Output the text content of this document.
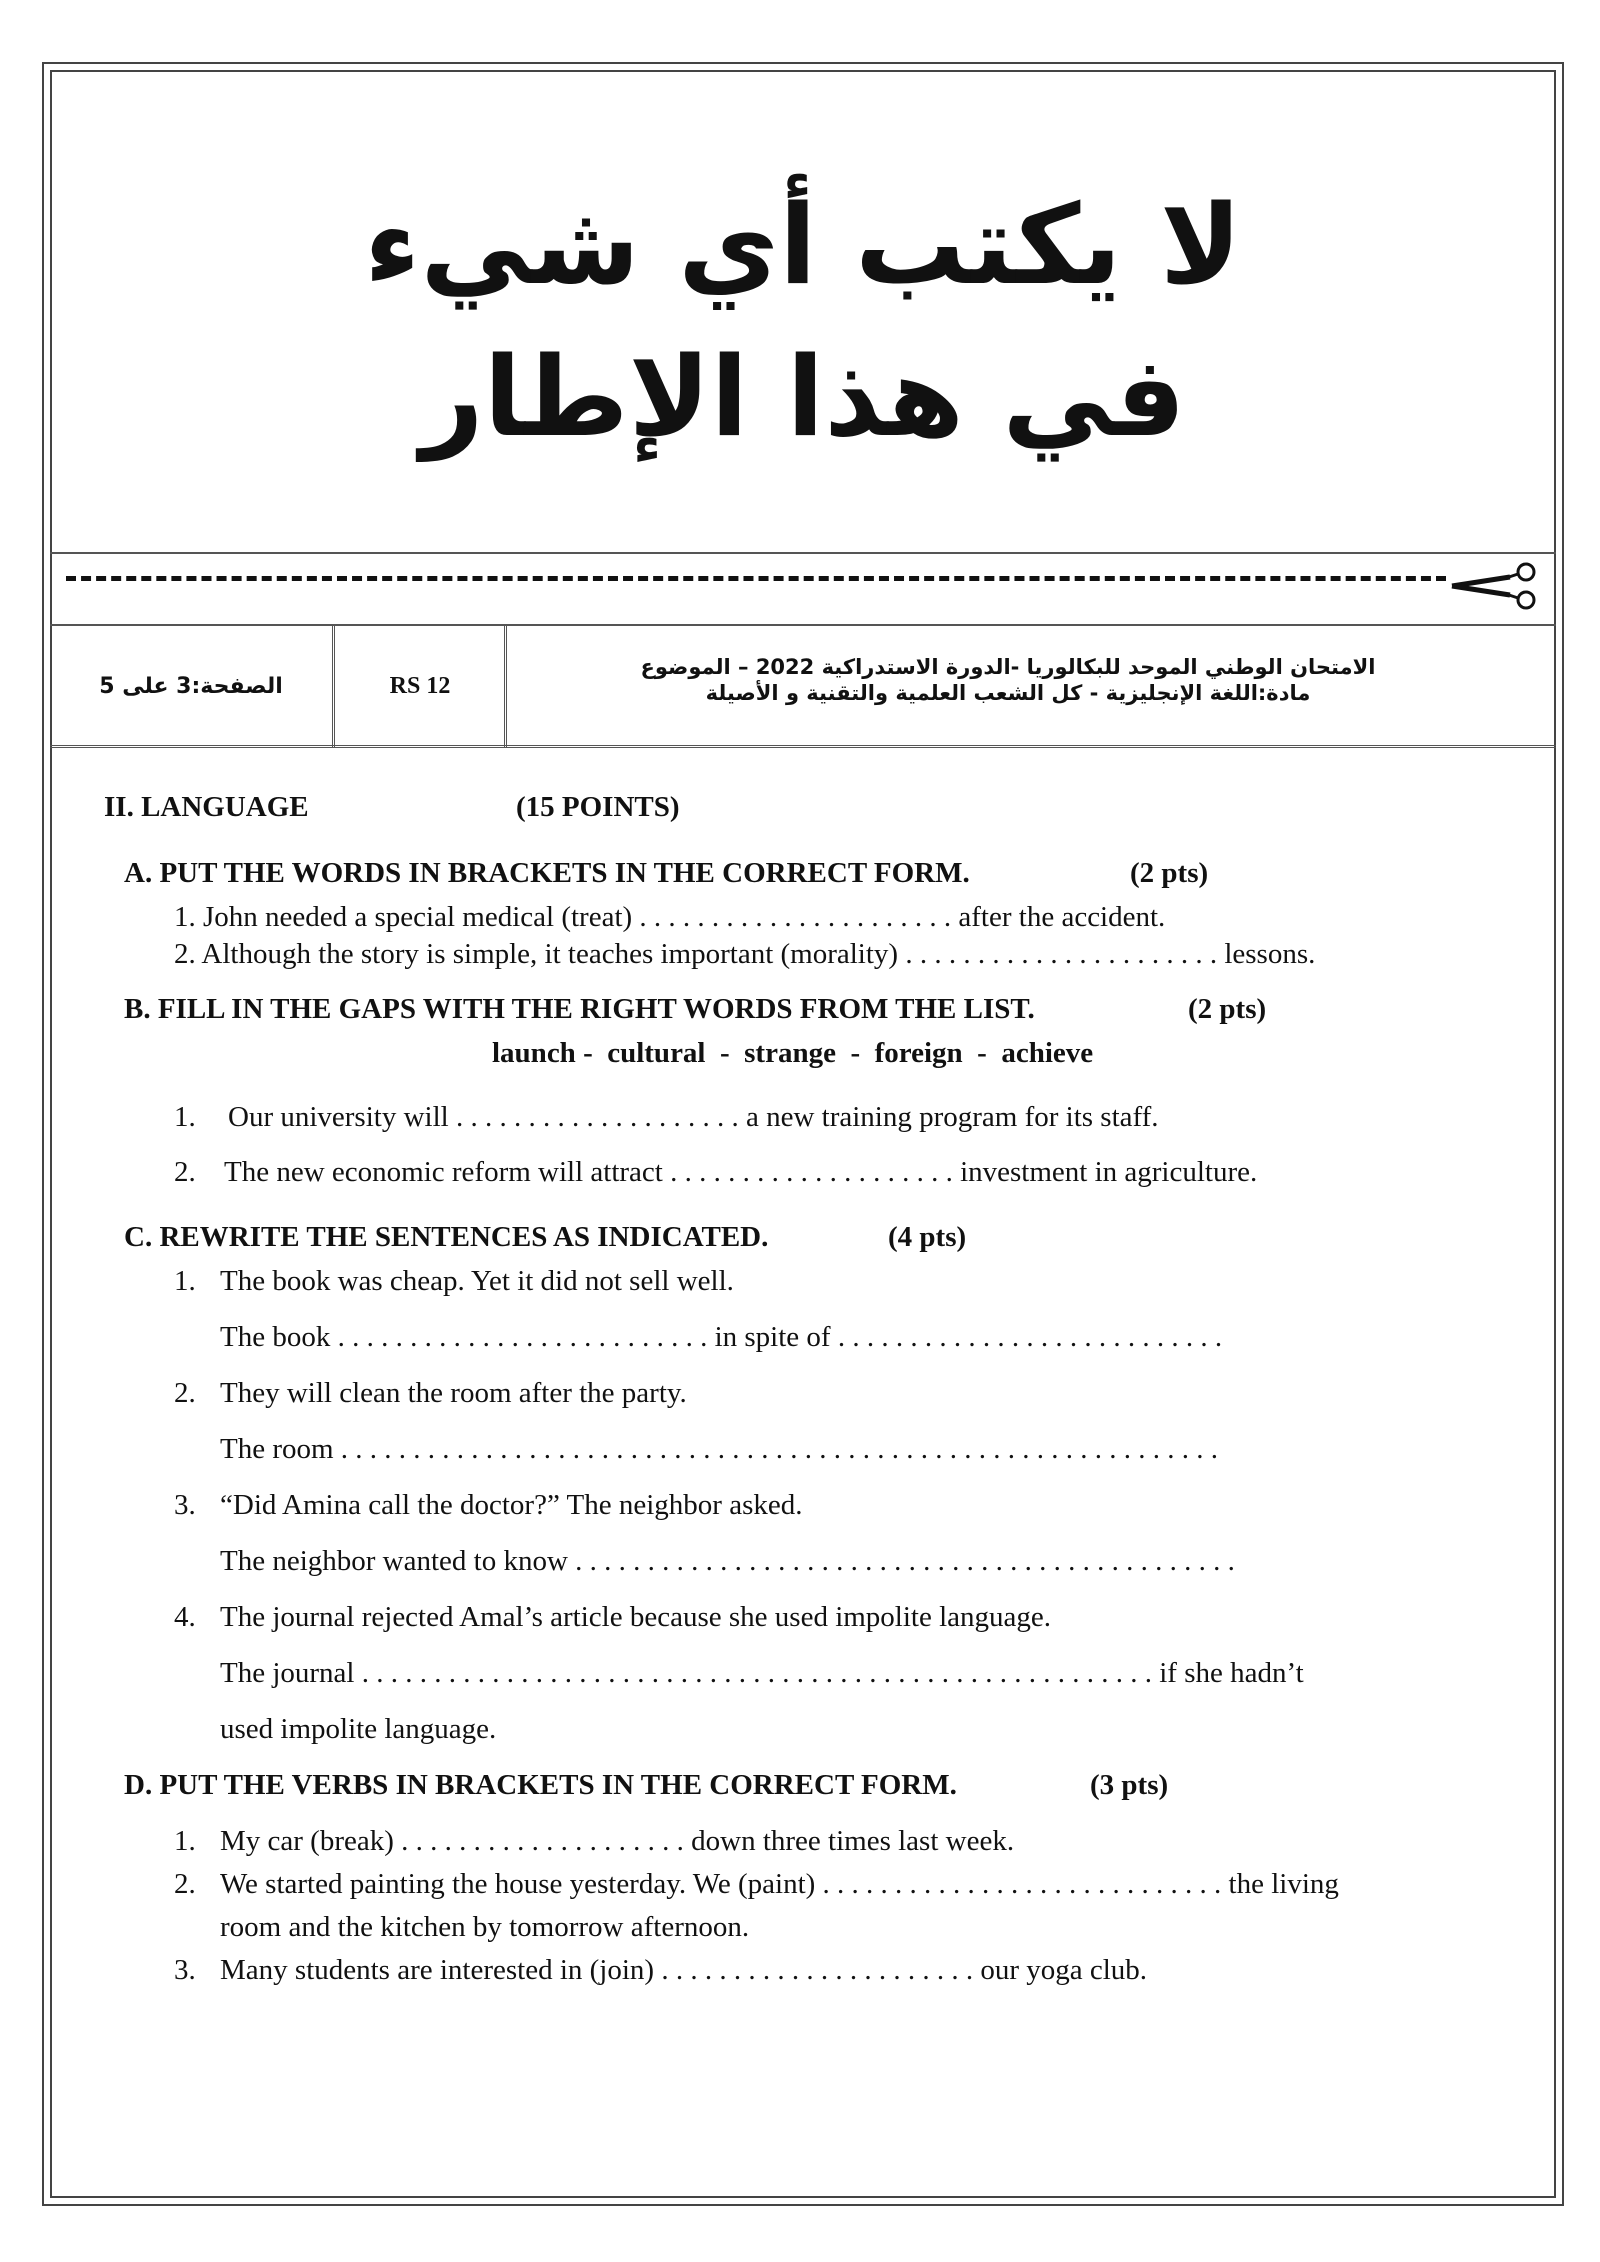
لا يكتب أي شيء
في هذا الإطار
الصفحة:3 على 5	RS 12
الامتحان الوطني الموحد للبكالوريا -الدورة الاستدراكية 2022 – الموضوع
مادة:اللغة الإنجليزية - كل الشعب العلمية والتقنية و الأصيلة
II. LANGUAGE	(15 POINTS)
A. PUT THE WORDS IN BRACKETS IN THE CORRECT FORM.	(2 pts)
1. John needed a special medical (treat) . . . . . . . . . . . . . . . . . . . . . . after the accident.
2. Although the story is simple, it teaches important (morality) . . . . . . . . . . . . . . . . . . . . . . lessons.
B. FILL IN THE GAPS WITH THE RIGHT WORDS FROM THE LIST.	(2 pts)
launch -  cultural  -  strange  -  foreign  -  achieve
1. Our university will . . . . . . . . . . . . . . . . . . . . a new training program for its staff.
2. The new economic reform will attract . . . . . . . . . . . . . . . . . . . . investment in agriculture.
C. REWRITE THE SENTENCES AS INDICATED.	(4 pts)
1. The book was cheap. Yet it did not sell well.
The book . . . . . . . . . . . . . . . . . . . . . . . . . . in spite of . . . . . . . . . . . . . . . . . . . . . . . . . . .
2. They will clean the room after the party.
The room . . . . . . . . . . . . . . . . . . . . . . . . . . . . . . . . . . . . . . . . . . . . . . . . . . . . . . . . . . . . .
3. “Did Amina call the doctor?” The neighbor asked.
The neighbor wanted to know . . . . . . . . . . . . . . . . . . . . . . . . . . . . . . . . . . . . . . . . . . . . . .
4. The journal rejected Amal’s article because she used impolite language.
The journal . . . . . . . . . . . . . . . . . . . . . . . . . . . . . . . . . . . . . . . . . . . . . . . . . . . . . . . if she hadn’t
used impolite language.
D. PUT THE VERBS IN BRACKETS IN THE CORRECT FORM.	(3 pts)
1. My car (break) . . . . . . . . . . . . . . . . . . . . down three times last week.
2. We started painting the house yesterday. We (paint) . . . . . . . . . . . . . . . . . . . . . . . . . . . . the living
room and the kitchen by tomorrow afternoon.
3. Many students are interested in (join) . . . . . . . . . . . . . . . . . . . . . . our yoga club.
